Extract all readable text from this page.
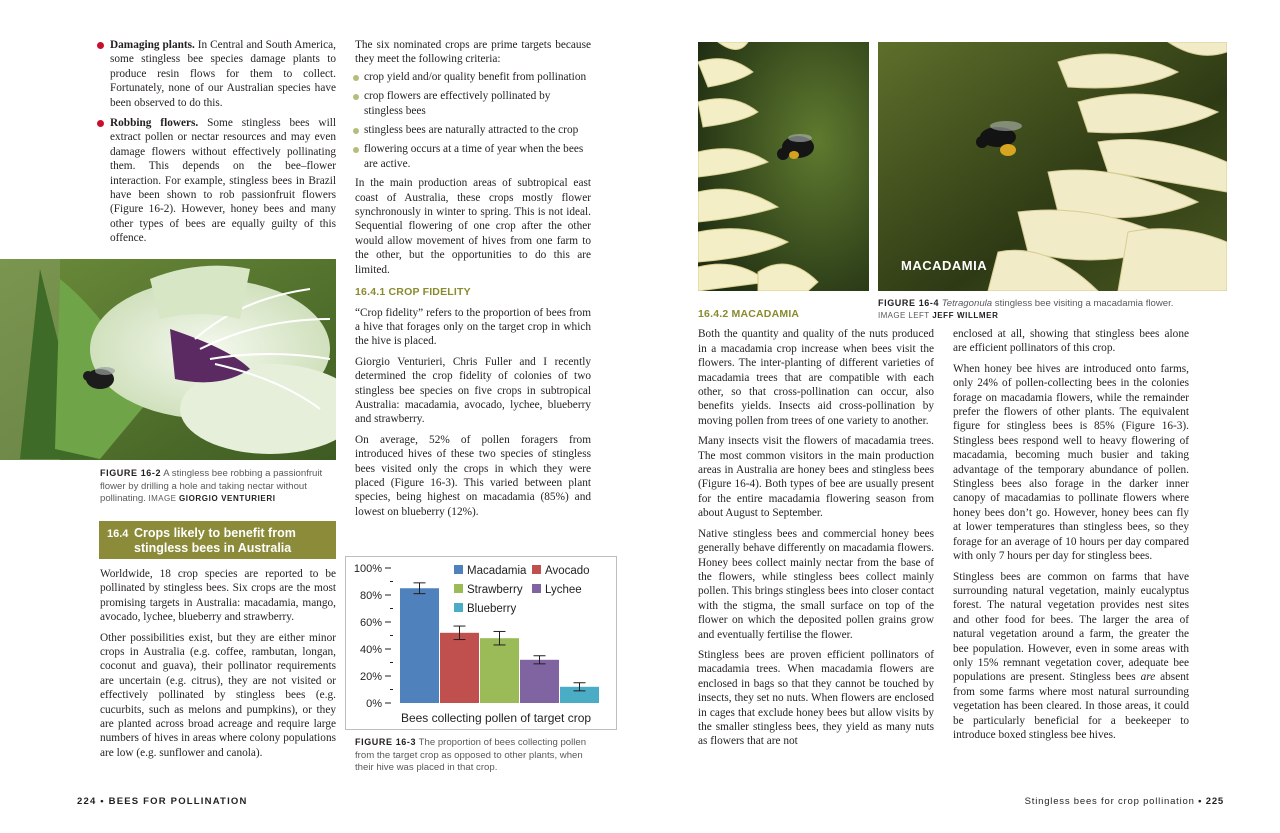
Damaging plants. In Central and South America, some stingless bee species damage plants to produce resin flows for them to collect. Fortunately, none of our Australian species have been observed to do this.

Robbing flowers. Some stingless bees will extract pollen or nectar resources and may even damage flowers without effectively pollinating them. This depends on the bee–flower interaction. For example, stingless bees in Brazil have been shown to rob passionfruit flowers (Figure 16-2). However, honey bees and many other types of bees are equally guilty of this offence.

FIGURE 16-2 A stingless bee robbing a passionfruit flower by drilling a hole and taking nectar without pollinating. IMAGE GIORGIO VENTURIERI
16.4 Crops likely to benefit from stingless bees in Australia

Worldwide, 18 crop species are reported to be pollinated by stingless bees. Six crops are the most promising targets in Australia: macadamia, mango, avocado, lychee, blueberry and strawberry.

Other possibilities exist, but they are either minor crops in Australia (e.g. coffee, rambutan, longan, coconut and guava), their pollinator requirements are uncertain (e.g. citrus), they are not visited or effectively pollinated by stingless bees (e.g. cucurbits, such as melons and pumpkins), or they are planted across broad acreage and require large numbers of hives in areas where colony populations are low (e.g. sunflower and canola).

The six nominated crops are prime targets because they meet the following criteria:

crop yield and/or quality benefit from pollination
crop flowers are effectively pollinated by stingless bees
stingless bees are naturally attracted to the crop
flowering occurs at a time of year when the bees are active.

In the main production areas of subtropical east coast of Australia, these crops mostly flower synchronously in winter to spring. This is not ideal. Sequential flowering of one crop after the other would allow movement of hives from one farm to the other, but the opportunities to do this are limited.

16.4.1 CROP FIDELITY

“Crop fidelity” refers to the proportion of bees from a hive that forages only on the target crop in which the hive is placed.

Giorgio Venturieri, Chris Fuller and I recently determined the crop fidelity of colonies of two stingless bee species on five crops in subtropical Australia: macadamia, avocado, lychee, blueberry and strawberry.

On average, 52% of pollen foragers from introduced hives of these two species of stingless bees visited only the crops in which they were placed (Figure 16-3). This varied between plant species, being highest on macadamia (85%) and lowest on blueberry (12%).

0%
20%
40%
60%
80%
100%
Bees collecting pollen of target crop
Macadamia Avocado
Strawberry Lychee
Blueberry
FIGURE 16-3 The proportion of bees collecting pollen from the target crop as opposed to other plants, when their hive was placed in that crop.
224 • BEES FOR POLLINATION
MACADAMIA
FIGURE 16-4 Tetragonula stingless bee visiting a macadamia flower.
IMAGE LEFT JEFF WILLMER
16.4.2 MACADAMIA

Both the quantity and quality of the nuts produced in a macadamia crop increase when bees visit the flowers. The inter-planting of different varieties of macadamia trees that are compatible with each other, so that cross-pollination can occur, also benefits yields. Insects aid cross-pollination by moving pollen from trees of one variety to another.

Many insects visit the flowers of macadamia trees. The most common visitors in the main production areas in Australia are honey bees and stingless bees (Figure 16-4). Both types of bee are usually present for the entire macadamia flowering season from about August to September.

Native stingless bees and commercial honey bees generally behave differently on macadamia flowers. Honey bees collect mainly nectar from the base of the flowers, while stingless bees collect mainly pollen. This brings stingless bees into closer contact with the stigma, the small surface on top of the flower on which the deposited pollen grains grow and eventually fertilise the flower.

Stingless bees are proven efficient pollinators of macadamia trees. When macadamia flowers are enclosed in bags so that they cannot be touched by insects, they set no nuts. When flowers are enclosed in cages that exclude honey bees but allow visits by the smaller stingless bees, they yield as many nuts as flowers that are not

enclosed at all, showing that stingless bees alone are efficient pollinators of this crop.

When honey bee hives are introduced onto farms, only 24% of pollen-collecting bees in the colonies forage on macadamia flowers, while the remainder prefer the flowers of other plants. The equivalent figure for stingless bees is 85% (Figure 16-3). Stingless bees respond well to heavy flowering of macadamia, becoming much busier and taking advantage of the temporary abundance of pollen. Stingless bees also forage in the darker inner canopy of macadamias to pollinate flowers where honey bees don’t go. However, honey bees can fly at lower temperatures than stingless bees, so they forage for an average of 10 hours per day compared with only 7 hours per day for stingless bees.

Stingless bees are common on farms that have surrounding natural vegetation, mainly eucalyptus forest. The natural vegetation provides nest sites and other food for bees. The larger the area of natural vegetation around a farm, the greater the bee population. However, even in some areas with only 15% remnant vegetation cover, adequate bee populations are present. Stingless bees are absent from some farms where most natural surrounding vegetation has been cleared. In those areas, it could be particularly beneficial for a beekeeper to introduce boxed stingless bee hives.

Stingless bees for crop pollination • 225
